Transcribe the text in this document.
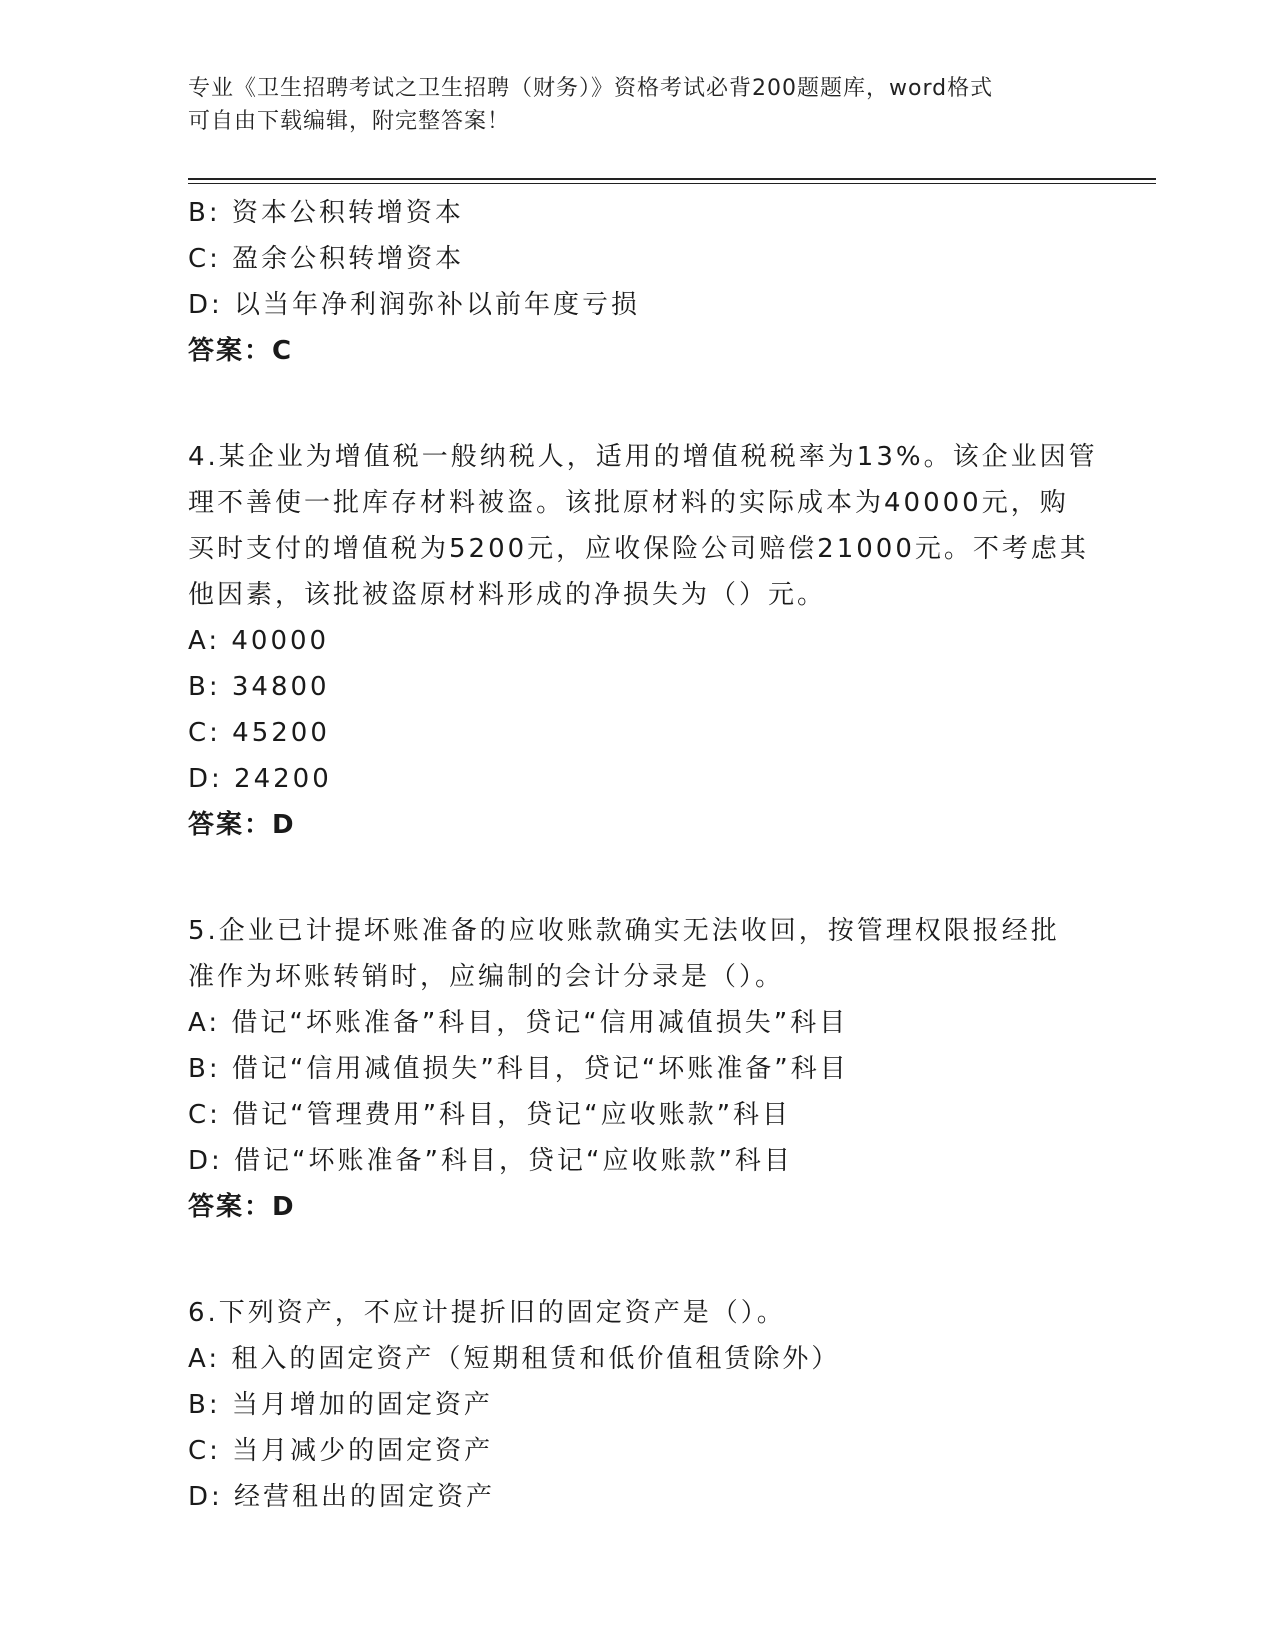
专业《卫生招聘考试之卫生招聘（财务）》资格考试必背200题题库，word格式
可自由下载编辑，附完整答案！
B: 资本公积转增资本
C: 盈余公积转增资本
D: 以当年净利润弥补以前年度亏损
答案：C
4.某企业为增值税一般纳税人，适用的增值税税率为13%。该企业因管
理不善使一批库存材料被盗。该批原材料的实际成本为40000元，购
买时支付的增值税为5200元，应收保险公司赔偿21000元。不考虑其
他因素，该批被盗原材料形成的净损失为（）元。
A: 40000
B: 34800
C: 45200
D: 24200
答案：D
5.企业已计提坏账准备的应收账款确实无法收回，按管理权限报经批
准作为坏账转销时，应编制的会计分录是（）。
A: 借记“坏账准备”科目，贷记“信用减值损失”科目
B: 借记“信用减值损失”科目，贷记“坏账准备”科目
C: 借记“管理费用”科目，贷记“应收账款”科目
D: 借记“坏账准备”科目，贷记“应收账款”科目
答案：D
6.下列资产，不应计提折旧的固定资产是（）。
A: 租入的固定资产（短期租赁和低价值租赁除外）
B: 当月增加的固定资产
C: 当月减少的固定资产
D: 经营租出的固定资产
